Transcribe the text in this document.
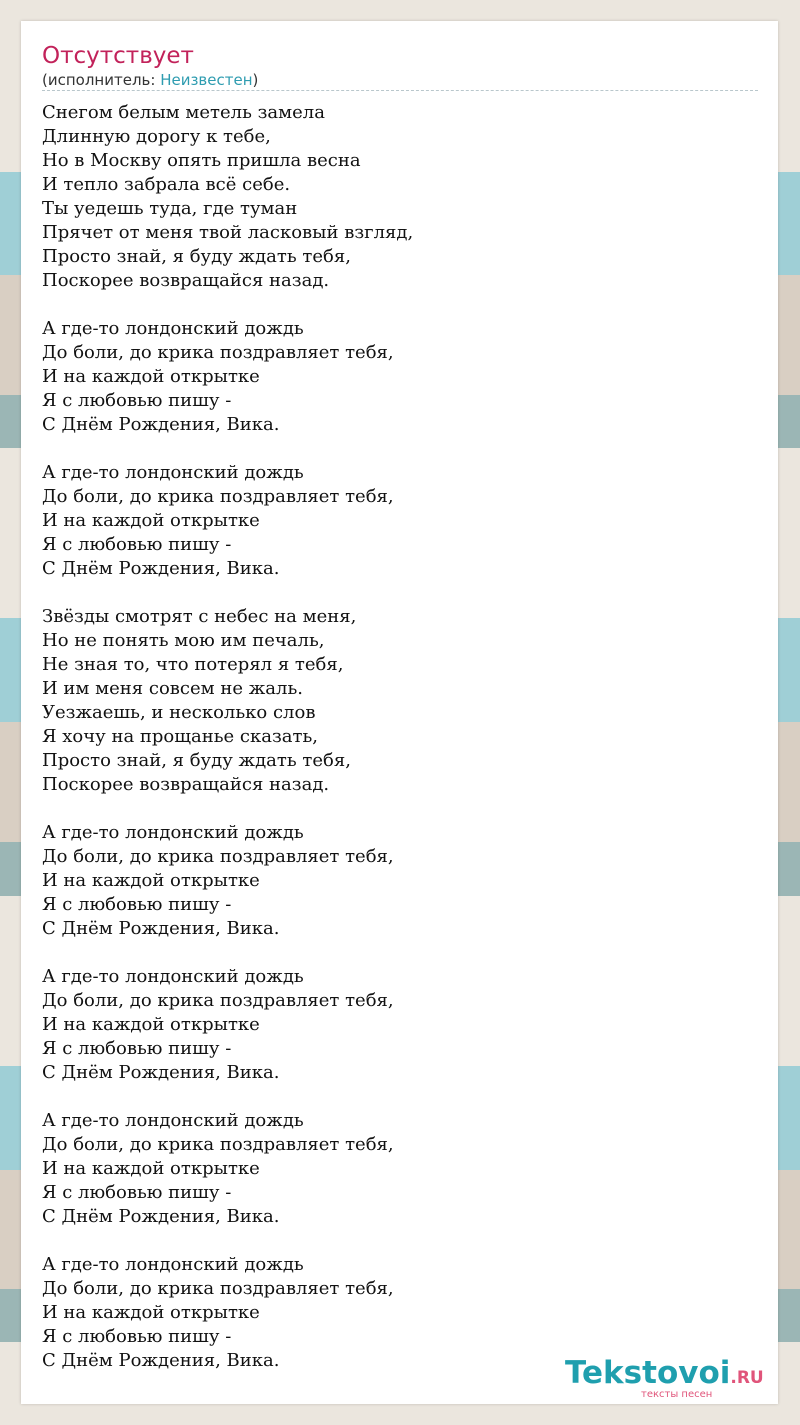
Отсутствует
(исполнитель: Неизвестен)
Снегом белым метель замела
Длинную дорогу к тебе,
Но в Москву опять пришла весна
И тепло забрала всё себе.
Ты уедешь туда, где туман
Прячет от меня твой ласковый взгляд,
Просто знай, я буду ждать тебя,
Поскорее возвращайся назад.
А где-то лондонский дождь
До боли, до крика поздравляет тебя,
И на каждой открытке
Я с любовью пишу -
С Днём Рождения, Вика.
А где-то лондонский дождь
До боли, до крика поздравляет тебя,
И на каждой открытке
Я с любовью пишу -
С Днём Рождения, Вика.
Звёзды смотрят с небес на меня,
Но не понять мою им печаль,
Не зная то, что потерял я тебя,
И им меня совсем не жаль.
Уезжаешь, и несколько слов
Я хочу на прощанье сказать,
Просто знай, я буду ждать тебя,
Поскорее возвращайся назад.
А где-то лондонский дождь
До боли, до крика поздравляет тебя,
И на каждой открытке
Я с любовью пишу -
С Днём Рождения, Вика.
А где-то лондонский дождь
До боли, до крика поздравляет тебя,
И на каждой открытке
Я с любовью пишу -
С Днём Рождения, Вика.
А где-то лондонский дождь
До боли, до крика поздравляет тебя,
И на каждой открытке
Я с любовью пишу -
С Днём Рождения, Вика.
А где-то лондонский дождь
До боли, до крика поздравляет тебя,
И на каждой открытке
Я с любовью пишу -
С Днём Рождения, Вика.	Tekstovoi.RU
тексты песен
